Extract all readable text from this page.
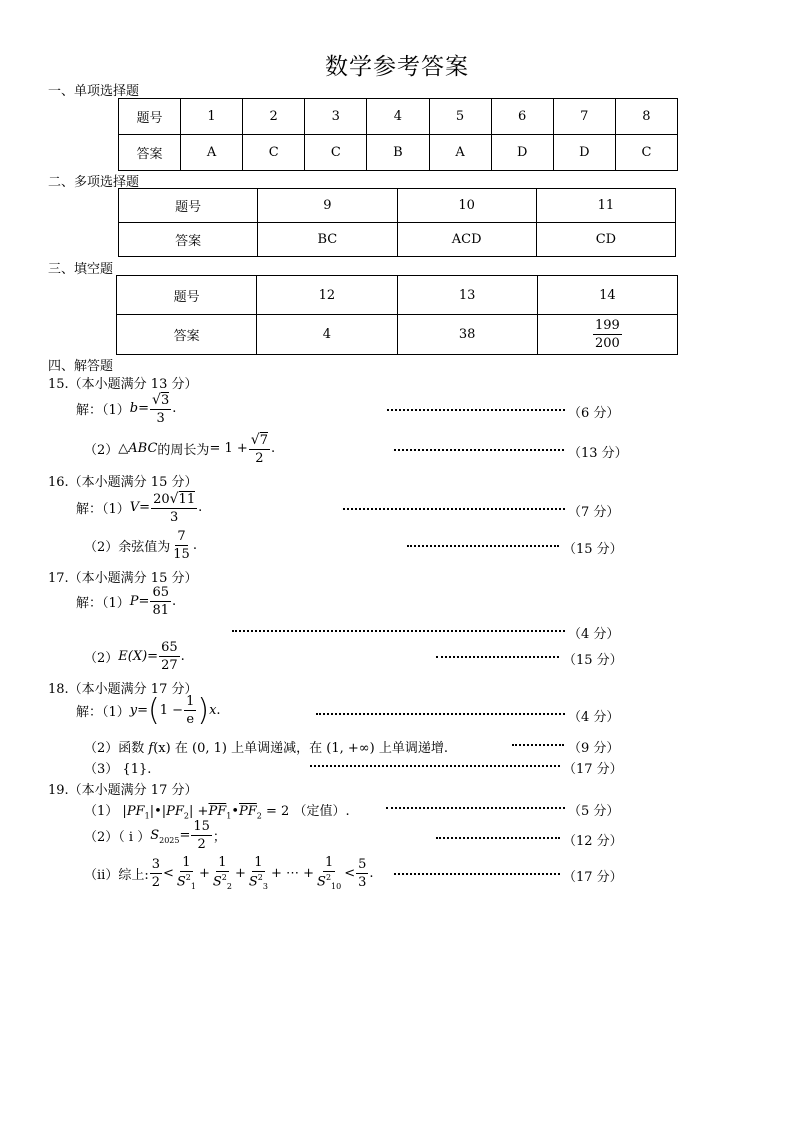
数学参考答案
一、单项选择题
题号	1	2	3	4	5	6	7	8
答案	A	C	C	B	A	D	D	C
二、多项选择题
题号	9	10	11
答案	BC	ACD	CD
三、填空题
题号	12	13	14
答案	4	38	$\frac{199}{200}$
四、解答题
15.（本小题满分 13 分）
解：（1） $b = \frac{√ 3}{3}$ .	（6 分）
（2） △ ABC 的周长为 = $1 + \frac{√ 7}{2}$ .	（13 分）
16.（本小题满分 15 分）
解：（1） $V = \frac{20 √ 11}{3}$ .	（7 分）
（2）余弦值为 $\frac{7}{15}$ .	（15 分）
17.（本小题满分 15 分）
解：（1） $P = \frac{65}{81}$ .
（4 分）
（2） $E(X) = \frac{65}{27}$ .	（15 分）
18.（本小题满分 17 分）
解：（1） y = ( $1 - \frac{1}{e}$ ) x .	（4 分）
（2）函数 f(x) 在 (0, 1) 上单调递减，在 (1, +∞) 上单调递增.	（9 分）
（3） {1}.	（17 分）
19.（本小题满分 17 分）
（1） $|PF_1|•|PF_2|$ $+\overline{PF}_1•\overline{PF}_2 = 2$ （定值）.	（5 分）
（2）（ i ） $S_{2025} = \frac{15}{2}$ ；	（12 分）
（ii）综上: $\frac{3}{2} < \frac{1}{S^2_1} + \frac{1}{S^2_2} + \frac{1}{S^2_3}$ + ⋯ + $\frac{1}{S^2_{10}} < \frac{5}{3}$ .	（17 分）
